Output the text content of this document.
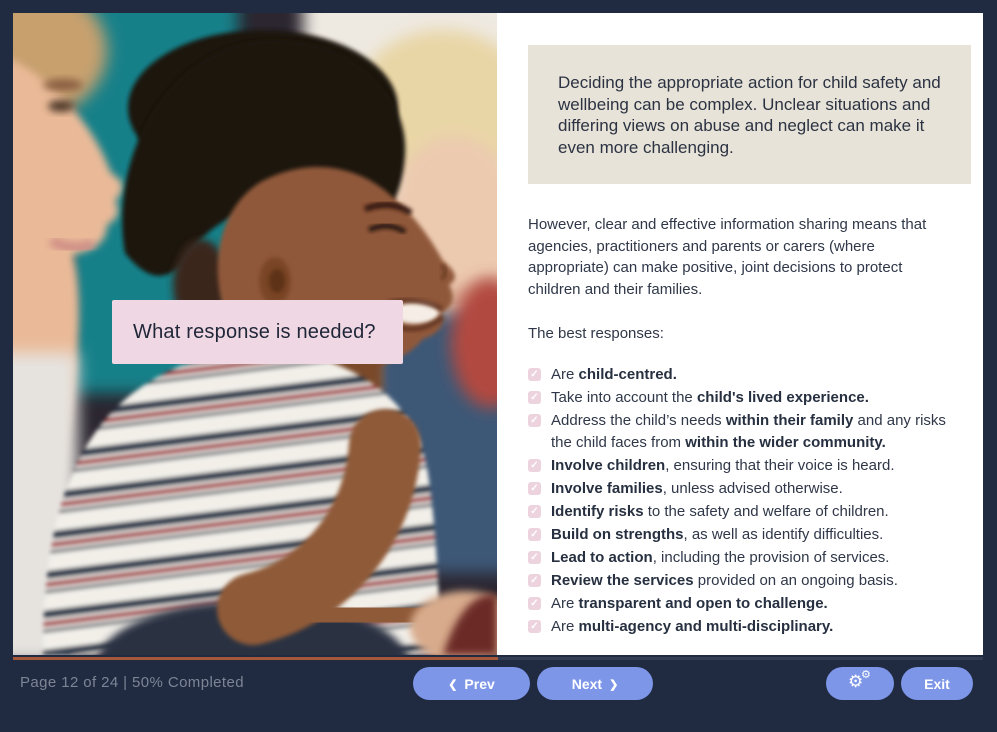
What response is needed?
Deciding the appropriate action for child safety and wellbeing can be complex. Unclear situations and differing views on abuse and neglect can make it even more challenging.

However, clear and effective information sharing means that agencies, practitioners and parents or carers (where appropriate) can make positive, joint decisions to protect children and their families.

The best responses:

✓ Are child-centred.
✓ Take into account the child's lived experience.
✓ Address the child’s needs within their family and any risks the child faces from within the wider community.
✓ Involve children, ensuring that their voice is heard.
✓ Involve families, unless advised otherwise.
✓ Identify risks to the safety and welfare of children.
✓ Build on strengths, as well as identify difficulties.
✓ Lead to action, including the provision of services.
✓ Review the services provided on an ongoing basis.
✓ Are transparent and open to challenge.
✓ Are multi-agency and multi-disciplinary.
Page 12 of 24 | 50% Completed	❮ Prev	Next ❯	⚙
⚙
Exit
